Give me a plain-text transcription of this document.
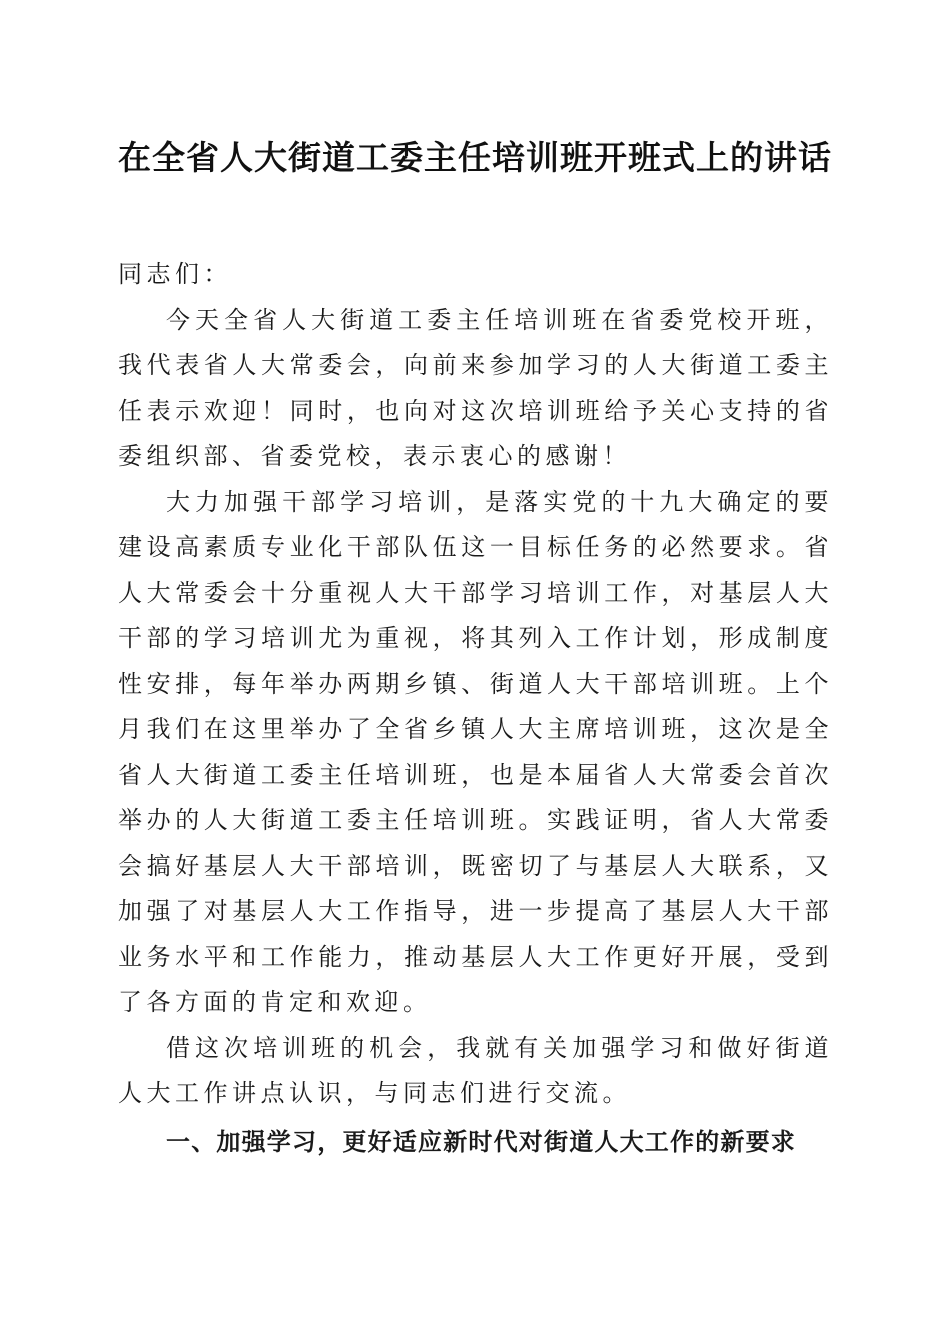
在全省人大街道工委主任培训班开班式上的讲话

同志们：

今天全省人大街道工委主任培训班在省委党校开班，我代表省人大常委会，向前来参加学习的人大街道工委主任表示欢迎！同时，也向对这次培训班给予关心支持的省委组织部、省委党校，表示衷心的感谢！

大力加强干部学习培训，是落实党的十九大确定的要建设高素质专业化干部队伍这一目标任务的必然要求。省人大常委会十分重视人大干部学习培训工作，对基层人大干部的学习培训尤为重视，将其列入工作计划，形成制度性安排，每年举办两期乡镇、街道人大干部培训班。上个月我们在这里举办了全省乡镇人大主席培训班，这次是全省人大街道工委主任培训班，也是本届省人大常委会首次举办的人大街道工委主任培训班。实践证明，省人大常委会搞好基层人大干部培训，既密切了与基层人大联系，又加强了对基层人大工作指导，进一步提高了基层人大干部业务水平和工作能力，推动基层人大工作更好开展，受到了各方面的肯定和欢迎。

借这次培训班的机会，我就有关加强学习和做好街道人大工作讲点认识，与同志们进行交流。

一、加强学习，更好适应新时代对街道人大工作的新要求
